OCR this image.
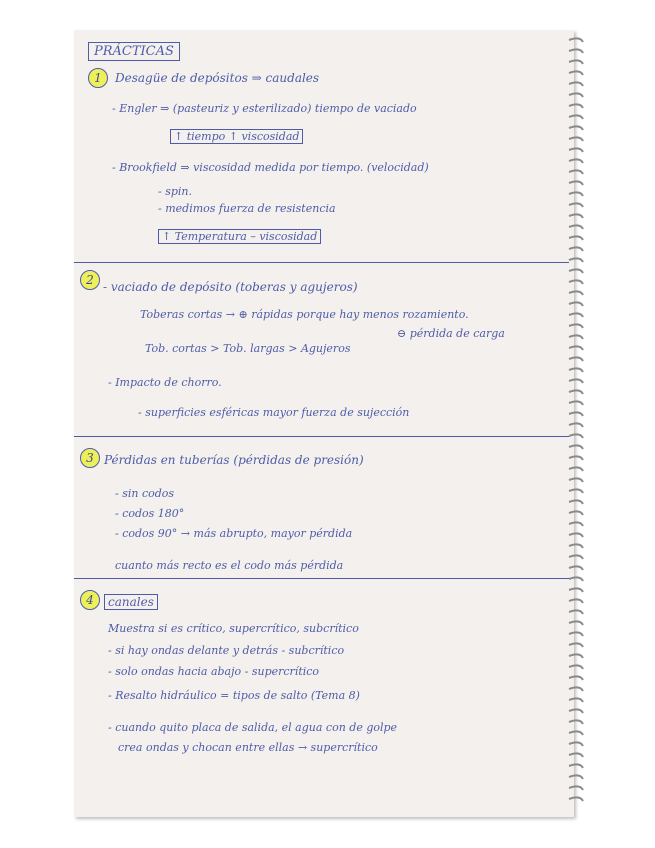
PRÁCTICAS
1	Desagüe de depósitos ⇒ caudales
- Engler ⇒ (pasteuriz y esterilizado) tiempo de vaciado
↑ tiempo ↑ viscosidad
- Brookfield ⇒ viscosidad medida por tiempo. (velocidad)
- spin.
- medimos fuerza de resistencia
↑ Temperatura – viscosidad
2 - vaciado de depósito (toberas y agujeros)
Toberas cortas → ⊕ rápidas porque hay menos rozamiento.
⊖ pérdida de carga
Tob. cortas > Tob. largas > Agujeros
- Impacto de chorro.
- superficies esféricas mayor fuerza de sujección
3 Pérdidas en tuberías (pérdidas de presión)
- sin codos
- codos 180°
- codos 90° → más abrupto, mayor pérdida
cuanto más recto es el codo más pérdida
4	canales
Muestra si es crítico, supercrítico, subcrítico
- si hay ondas delante y detrás - subcrítico
- solo ondas hacia abajo - supercrítico
- Resalto hidráulico = tipos de salto (Tema 8)
- cuando quito placa de salida, el agua con de golpe
crea ondas y chocan entre ellas → supercrítico
